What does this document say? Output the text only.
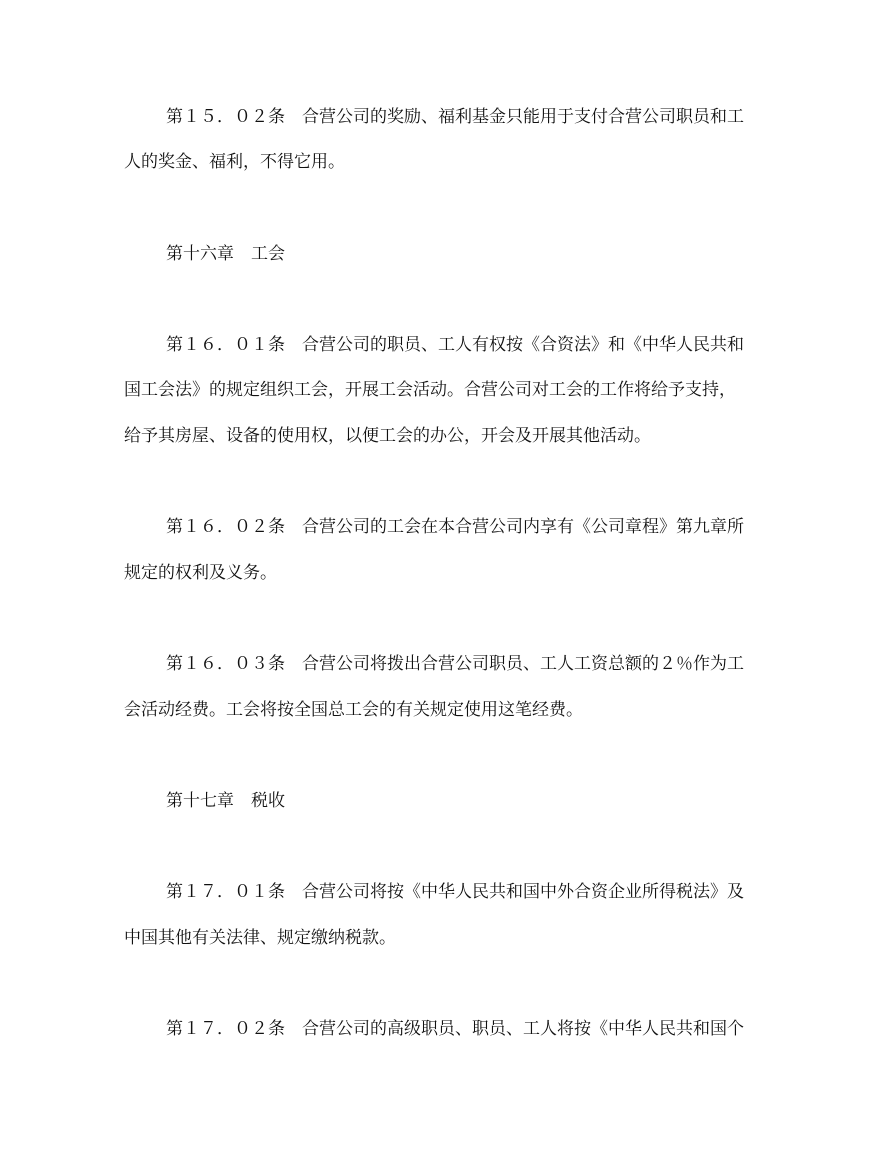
第１５．０２条　合营公司的奖励、福利基金只能用于支付合营公司职员和工
人的奖金、福利，不得它用。
第十六章　工会
第１６．０１条　合营公司的职员、工人有权按《合资法》和《中华人民共和
国工会法》的规定组织工会，开展工会活动。合营公司对工会的工作将给予支持，
给予其房屋、设备的使用权，以便工会的办公，开会及开展其他活动。
第１６．０２条　合营公司的工会在本合营公司内享有《公司章程》第九章所
规定的权利及义务。
第１６．０３条　合营公司将拨出合营公司职员、工人工资总额的２％作为工
会活动经费。工会将按全国总工会的有关规定使用这笔经费。
第十七章　税收
第１７．０１条　合营公司将按《中华人民共和国中外合资企业所得税法》及
中国其他有关法律、规定缴纳税款。
第１７．０２条　合营公司的高级职员、职员、工人将按《中华人民共和国个
